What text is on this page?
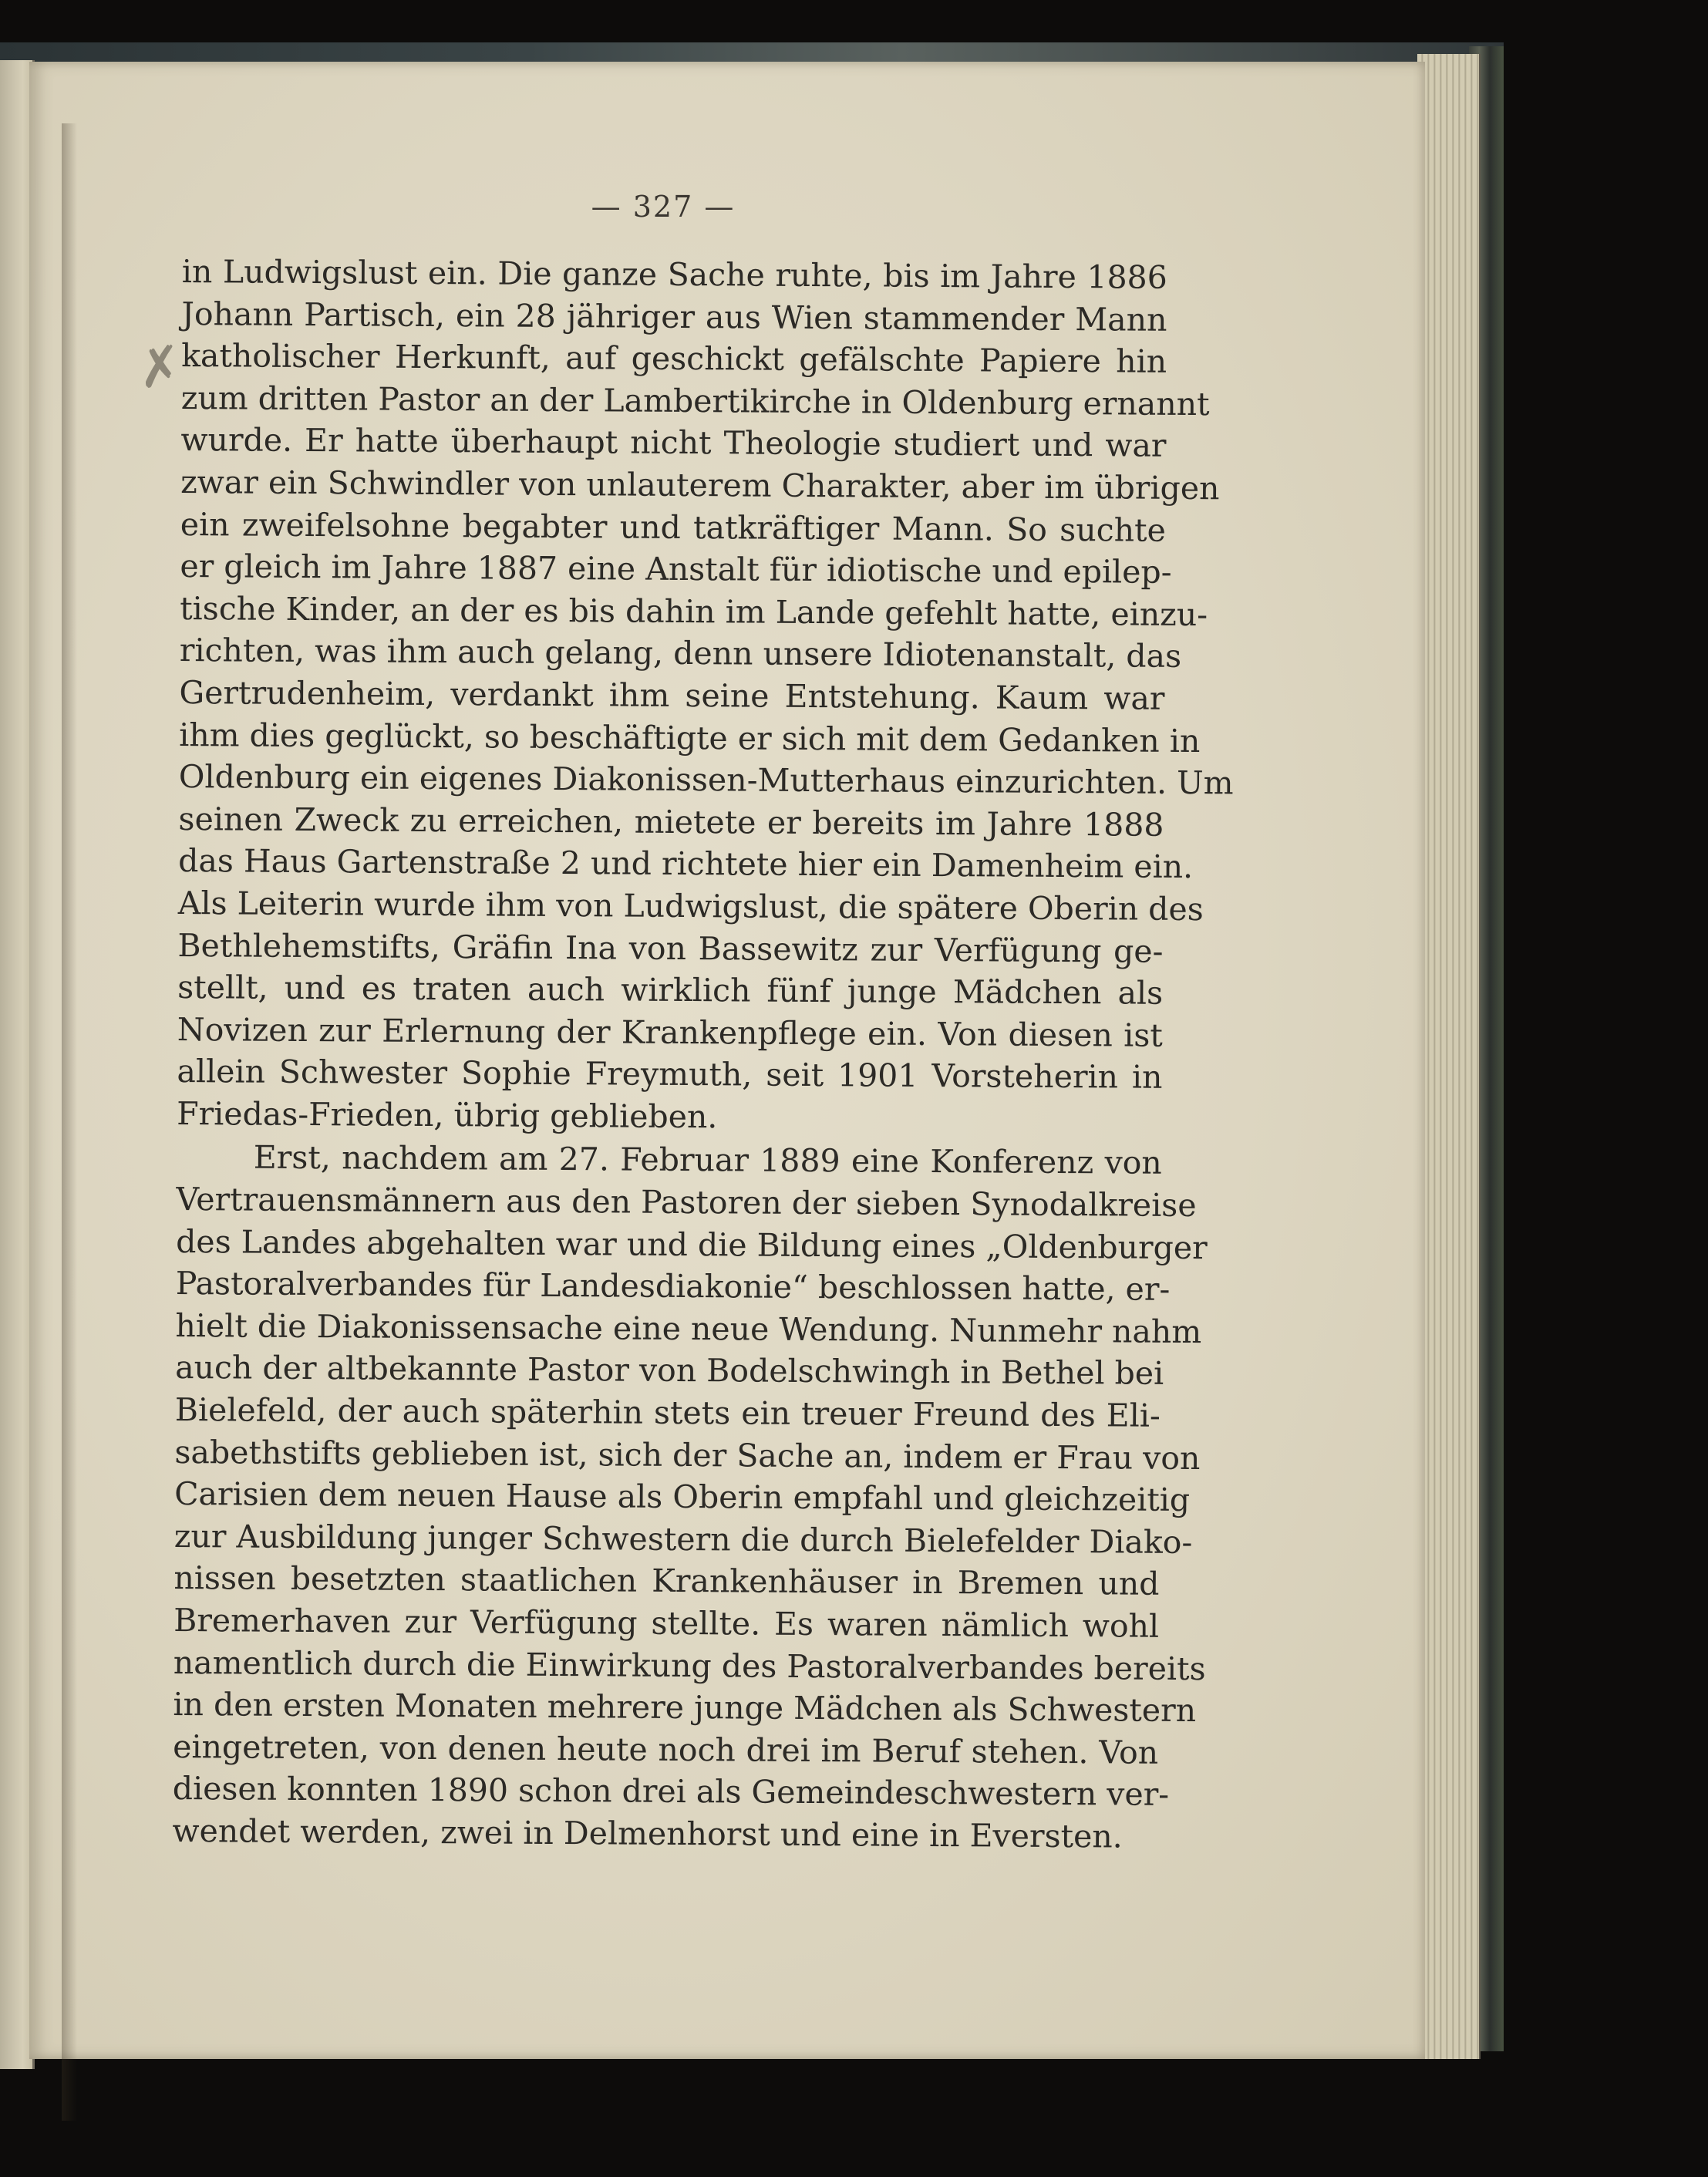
✗
— 327 —
in Ludwigslust ein. Die ganze Sache ruhte, bis im Jahre 1886
Johann Partisch, ein 28 jähriger aus Wien stammender Mann
katholischer Herkunft, auf geschickt gefälschte Papiere hin
zum dritten Pastor an der Lambertikirche in Oldenburg ernannt
wurde. Er hatte überhaupt nicht Theologie studiert und war
zwar ein Schwindler von unlauterem Charakter, aber im übrigen
ein zweifelsohne begabter und tatkräftiger Mann. So suchte
er gleich im Jahre 1887 eine Anstalt für idiotische und epilep-
tische Kinder, an der es bis dahin im Lande gefehlt hatte, einzu-
richten, was ihm auch gelang, denn unsere Idiotenanstalt, das
Gertrudenheim, verdankt ihm seine Entstehung. Kaum war
ihm dies geglückt, so beschäftigte er sich mit dem Gedanken in
Oldenburg ein eigenes Diakonissen-Mutterhaus einzurichten. Um
seinen Zweck zu erreichen, mietete er bereits im Jahre 1888
das Haus Gartenstraße 2 und richtete hier ein Damenheim ein.
Als Leiterin wurde ihm von Ludwigslust, die spätere Oberin des
Bethlehemstifts, Gräfin Ina von Bassewitz zur Verfügung ge-
stellt, und es traten auch wirklich fünf junge Mädchen als
Novizen zur Erlernung der Krankenpflege ein. Von diesen ist
allein Schwester Sophie Freymuth, seit 1901 Vorsteherin in
Friedas-Frieden, übrig geblieben.
Erst, nachdem am 27. Februar 1889 eine Konferenz von
Vertrauensmännern aus den Pastoren der sieben Synodalkreise
des Landes abgehalten war und die Bildung eines „Oldenburger
Pastoralverbandes für Landesdiakonie“ beschlossen hatte, er-
hielt die Diakonissensache eine neue Wendung. Nunmehr nahm
auch der altbekannte Pastor von Bodelschwingh in Bethel bei
Bielefeld, der auch späterhin stets ein treuer Freund des Eli-
sabethstifts geblieben ist, sich der Sache an, indem er Frau von
Carisien dem neuen Hause als Oberin empfahl und gleichzeitig
zur Ausbildung junger Schwestern die durch Bielefelder Diako-
nissen besetzten staatlichen Krankenhäuser in Bremen und
Bremerhaven zur Verfügung stellte. Es waren nämlich wohl
namentlich durch die Einwirkung des Pastoralverbandes bereits
in den ersten Monaten mehrere junge Mädchen als Schwestern
eingetreten, von denen heute noch drei im Beruf stehen. Von
diesen konnten 1890 schon drei als Gemeindeschwestern ver-
wendet werden, zwei in Delmenhorst und eine in Eversten.
